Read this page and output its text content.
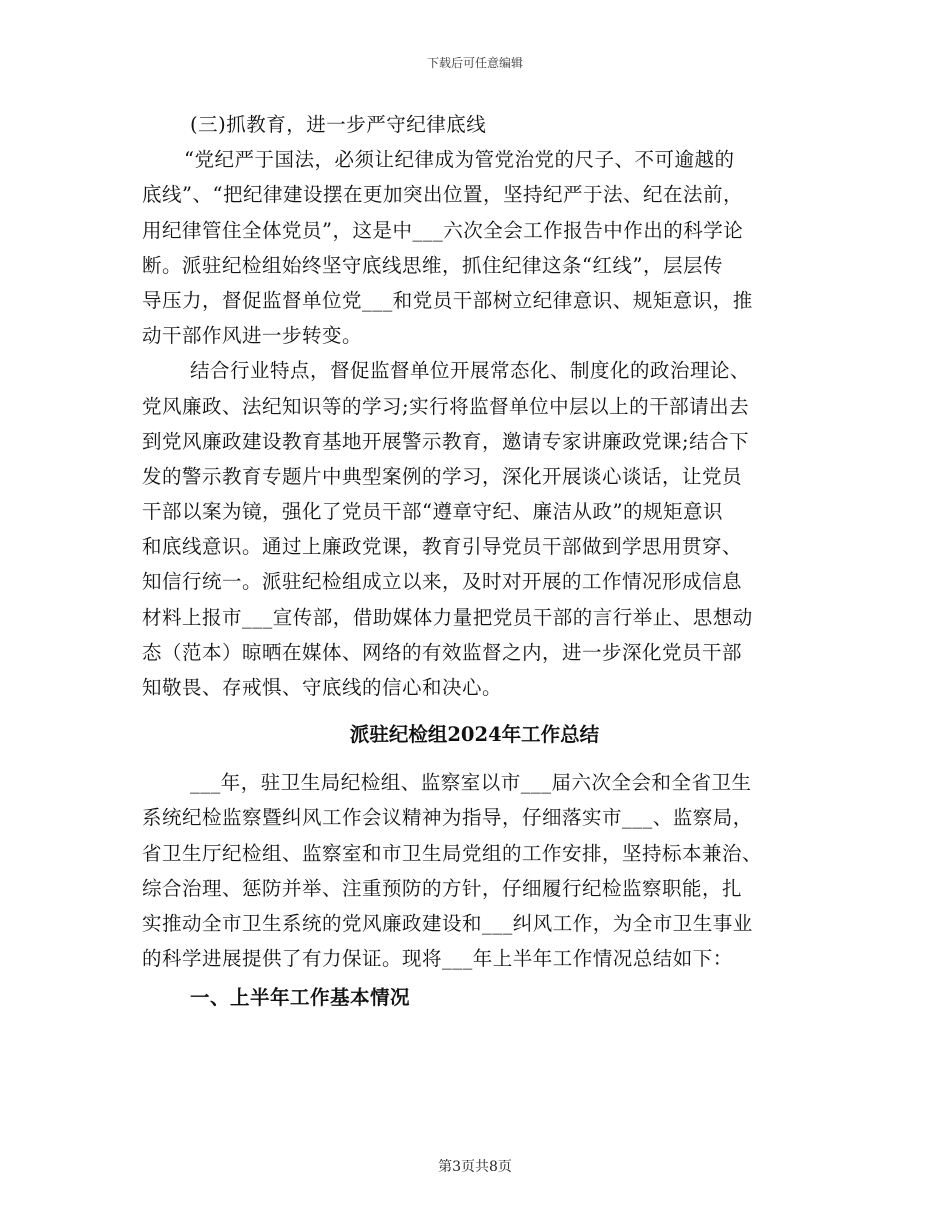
下载后可任意编辑
(三)抓教育，进一步严守纪律底线
“党纪严于国法，必须让纪律成为管党治党的尺子、不可逾越的
底线”、“把纪律建设摆在更加突出位置，坚持纪严于法、纪在法前，
用纪律管住全体党员”，这是中___六次全会工作报告中作出的科学论
断。派驻纪检组始终坚守底线思维，抓住纪律这条“红线”，层层传
导压力，督促监督单位党___和党员干部树立纪律意识、规矩意识，推
动干部作风进一步转变。
结合行业特点，督促监督单位开展常态化、制度化的政治理论、
党风廉政、法纪知识等的学习;实行将监督单位中层以上的干部请出去
到党风廉政建设教育基地开展警示教育，邀请专家讲廉政党课;结合下
发的警示教育专题片中典型案例的学习，深化开展谈心谈话，让党员
干部以案为镜，强化了党员干部“遵章守纪、廉洁从政”的规矩意识
和底线意识。通过上廉政党课，教育引导党员干部做到学思用贯穿、
知信行统一。派驻纪检组成立以来，及时对开展的工作情况形成信息
材料上报市___宣传部，借助媒体力量把党员干部的言行举止、思想动
态（范本）晾晒在媒体、网络的有效监督之内，进一步深化党员干部
知敬畏、存戒惧、守底线的信心和决心。
派驻纪检组2024年工作总结
___年，驻卫生局纪检组、监察室以市___届六次全会和全省卫生
系统纪检监察暨纠风工作会议精神为指导，仔细落实市___、监察局，
省卫生厅纪检组、监察室和市卫生局党组的工作安排，坚持标本兼治、
综合治理、惩防并举、注重预防的方针，仔细履行纪检监察职能，扎
实推动全市卫生系统的党风廉政建设和___纠风工作，为全市卫生事业
的科学进展提供了有力保证。现将___年上半年工作情况总结如下：
一、上半年工作基本情况
第3页共8页
